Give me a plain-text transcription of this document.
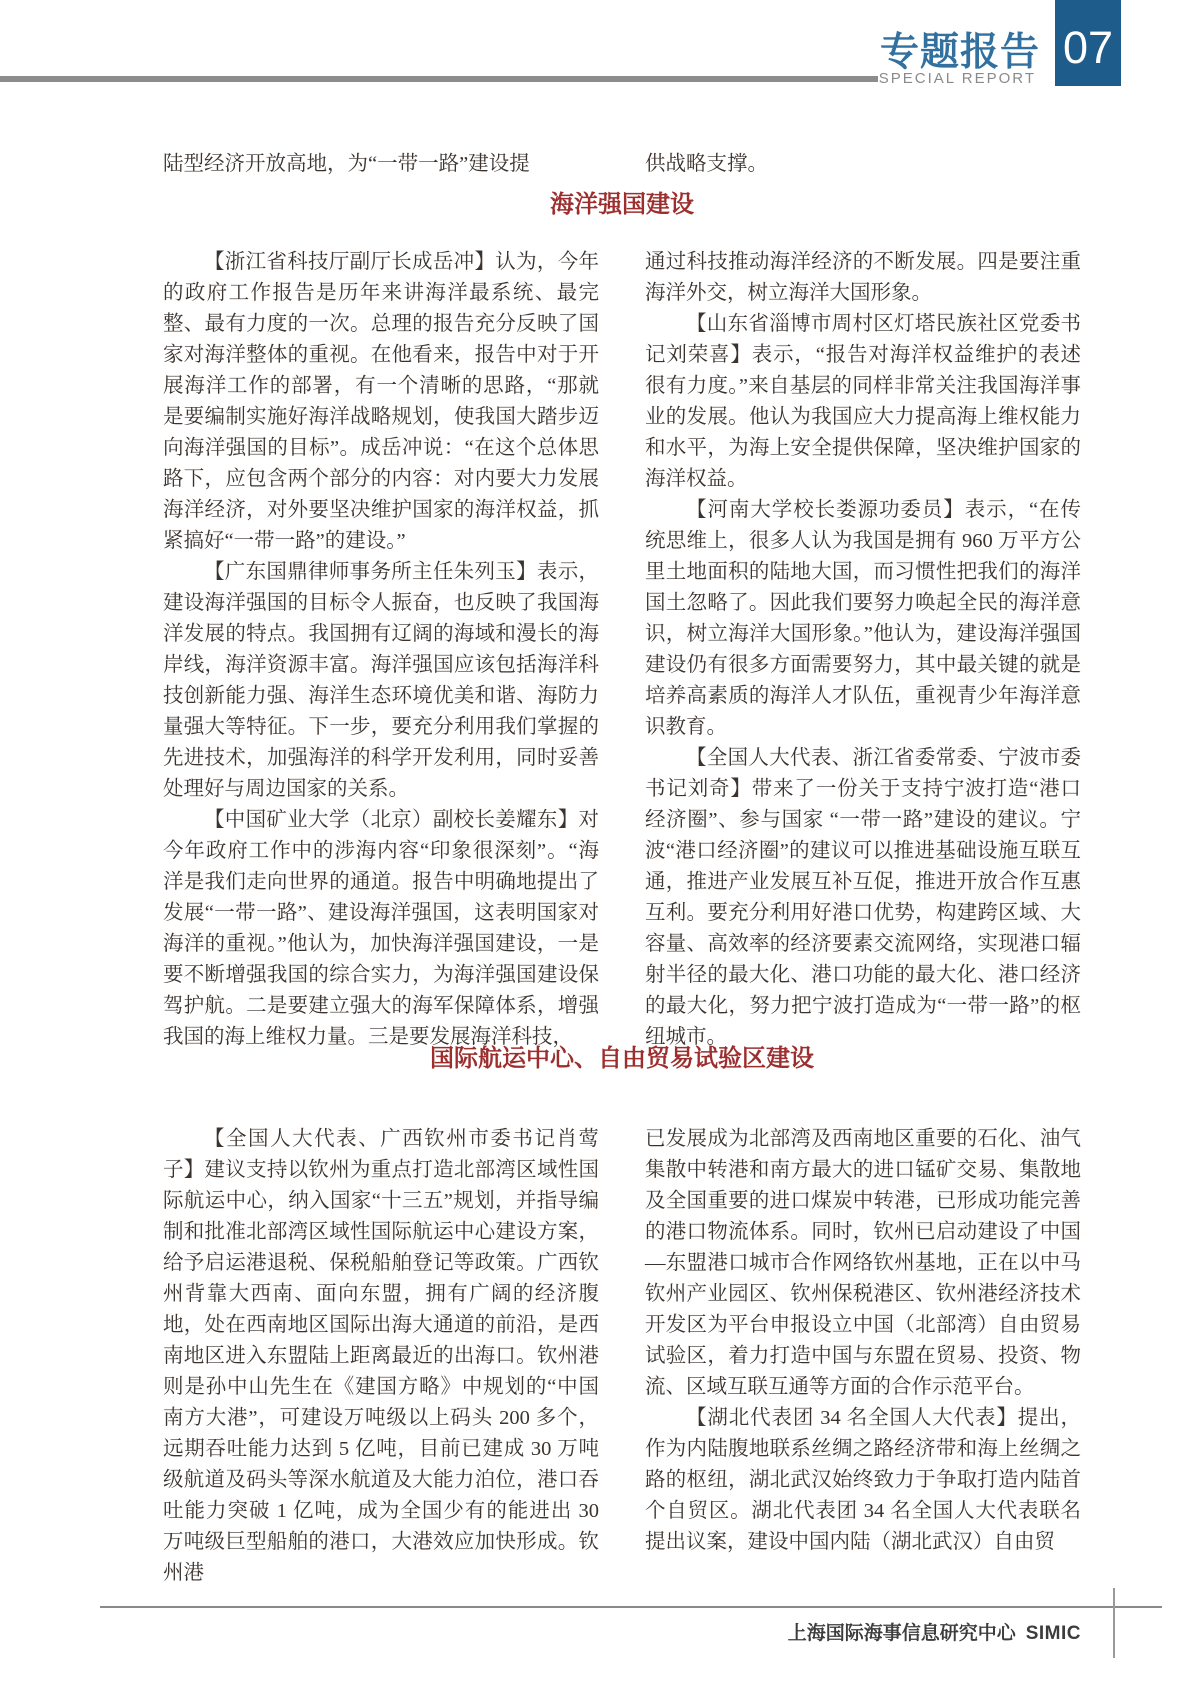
专题报告
SPECIAL REPORT
07
陆型经济开放高地，为“一带一路”建设提	供战略支撑。
海洋强国建设

【浙江省科技厅副厅长成岳冲】认为，今年的政府工作报告是历年来讲海洋最系统、最完整、最有力度的一次。总理的报告充分反映了国家对海洋整体的重视。在他看来，报告中对于开展海洋工作的部署，有一个清晰的思路，“那就是要编制实施好海洋战略规划，使我国大踏步迈向海洋强国的目标”。成岳冲说：“在这个总体思路下，应包含两个部分的内容：对内要大力发展海洋经济，对外要坚决维护国家的海洋权益，抓紧搞好“一带一路”的建设。”

【广东国鼎律师事务所主任朱列玉】表示，建设海洋强国的目标令人振奋，也反映了我国海洋发展的特点。我国拥有辽阔的海域和漫长的海岸线，海洋资源丰富。海洋强国应该包括海洋科技创新能力强、海洋生态环境优美和谐、海防力量强大等特征。下一步，要充分利用我们掌握的先进技术，加强海洋的科学开发利用，同时妥善处理好与周边国家的关系。

【中国矿业大学（北京）副校长姜耀东】对今年政府工作中的涉海内容“印象很深刻”。“海洋是我们走向世界的通道。报告中明确地提出了发展“一带一路”、建设海洋强国，这表明国家对海洋的重视。”他认为，加快海洋强国建设，一是要不断增强我国的综合实力，为海洋强国建设保驾护航。二是要建立强大的海军保障体系，增强我国的海上维权力量。三是要发展海洋科技，

通过科技推动海洋经济的不断发展。四是要注重海洋外交，树立海洋大国形象。

【山东省淄博市周村区灯塔民族社区党委书记刘荣喜】表示，“报告对海洋权益维护的表述很有力度。”来自基层的同样非常关注我国海洋事业的发展。他认为我国应大力提高海上维权能力和水平，为海上安全提供保障，坚决维护国家的海洋权益。

【河南大学校长娄源功委员】表示，“在传统思维上，很多人认为我国是拥有 960 万平方公里土地面积的陆地大国，而习惯性把我们的海洋国土忽略了。因此我们要努力唤起全民的海洋意识，树立海洋大国形象。”他认为，建设海洋强国建设仍有很多方面需要努力，其中最关键的就是培养高素质的海洋人才队伍，重视青少年海洋意识教育。

【全国人大代表、浙江省委常委、宁波市委书记刘奇】带来了一份关于支持宁波打造“港口经济圈”、参与国家 “一带一路”建设的建议。宁波“港口经济圈”的建议可以推进基础设施互联互通，推进产业发展互补互促，推进开放合作互惠互利。要充分利用好港口优势，构建跨区域、大容量、高效率的经济要素交流网络，实现港口辐射半径的最大化、港口功能的最大化、港口经济的最大化，努力把宁波打造成为“一带一路”的枢纽城市。

国际航运中心、自由贸易试验区建设

【全国人大代表、广西钦州市委书记肖莺子】建议支持以钦州为重点打造北部湾区域性国际航运中心，纳入国家“十三五”规划，并指导编制和批准北部湾区域性国际航运中心建设方案，给予启运港退税、保税船舶登记等政策。广西钦州背靠大西南、面向东盟，拥有广阔的经济腹地，处在西南地区国际出海大通道的前沿，是西南地区进入东盟陆上距离最近的出海口。钦州港则是孙中山先生在《建国方略》中规划的“中国南方大港”，可建设万吨级以上码头 200 多个，远期吞吐能力达到 5 亿吨，目前已建成 30 万吨级航道及码头等深水航道及大能力泊位，港口吞吐能力突破 1 亿吨，成为全国少有的能进出 30 万吨级巨型船舶的港口，大港效应加快形成。钦州港

已发展成为北部湾及西南地区重要的石化、油气集散中转港和南方最大的进口锰矿交易、集散地及全国重要的进口煤炭中转港，已形成功能完善的港口物流体系。同时，钦州已启动建设了中国—东盟港口城市合作网络钦州基地，正在以中马钦州产业园区、钦州保税港区、钦州港经济技术开发区为平台申报设立中国（北部湾）自由贸易试验区，着力打造中国与东盟在贸易、投资、物流、区域互联互通等方面的合作示范平台。

【湖北代表团 34 名全国人大代表】提出，作为内陆腹地联系丝绸之路经济带和海上丝绸之路的枢纽，湖北武汉始终致力于争取打造内陆首个自贸区。湖北代表团 34 名全国人大代表联名提出议案，建设中国内陆（湖北武汉）自由贸

上海国际海事信息研究中心 SIMIC
